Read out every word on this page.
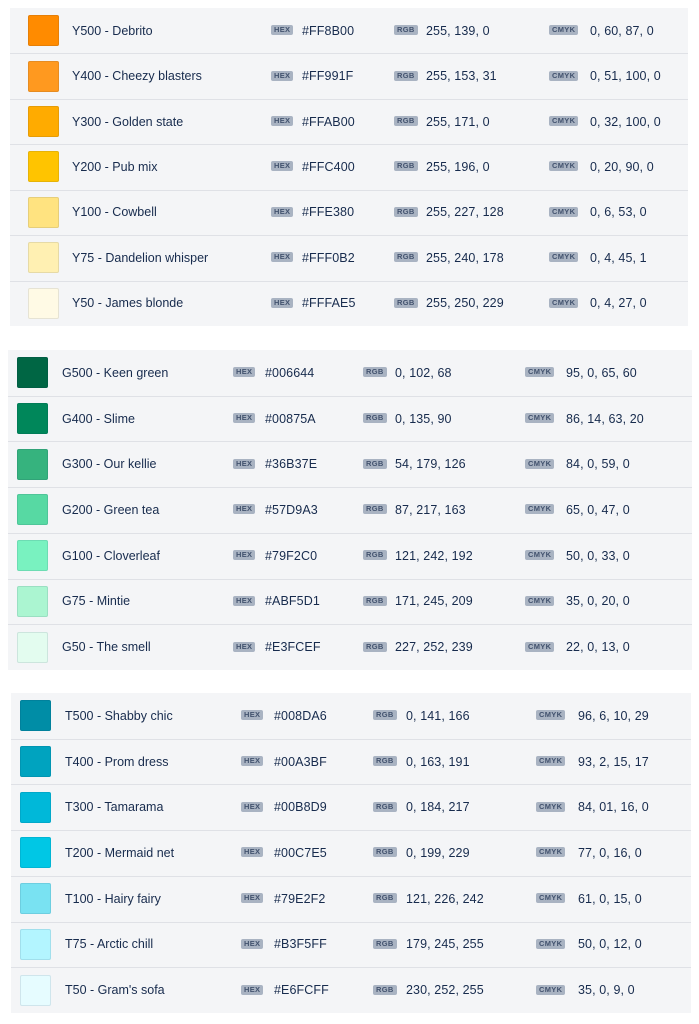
Y500 - Debrito	HEX #FF8B00	RGB 255, 139, 0	CMYK 0, 60, 87, 0
Y400 - Cheezy blasters	HEX #FF991F	RGB 255, 153, 31	CMYK 0, 51, 100, 0
Y300 - Golden state	HEX #FFAB00	RGB 255, 171, 0	CMYK 0, 32, 100, 0
Y200 - Pub mix	HEX #FFC400	RGB 255, 196, 0	CMYK 0, 20, 90, 0
Y100 - Cowbell	HEX #FFE380	RGB 255, 227, 128	CMYK 0, 6, 53, 0
Y75 - Dandelion whisper	HEX #FFF0B2	RGB 255, 240, 178	CMYK 0, 4, 45, 1
Y50 - James blonde	HEX #FFFAE5	RGB 255, 250, 229	CMYK 0, 4, 27, 0
G500 - Keen green	HEX #006644	RGB 0, 102, 68	CMYK 95, 0, 65, 60
G400 - Slime	HEX #00875A	RGB 0, 135, 90	CMYK 86, 14, 63, 20
G300 - Our kellie	HEX #36B37E	RGB 54, 179, 126	CMYK 84, 0, 59, 0
G200 - Green tea	HEX #57D9A3	RGB 87, 217, 163	CMYK 65, 0, 47, 0
G100 - Cloverleaf	HEX #79F2C0	RGB 121, 242, 192	CMYK 50, 0, 33, 0
G75 - Mintie	HEX #ABF5D1	RGB 171, 245, 209	CMYK 35, 0, 20, 0
G50 - The smell	HEX #E3FCEF	RGB 227, 252, 239	CMYK 22, 0, 13, 0
T500 - Shabby chic	HEX #008DA6	RGB 0, 141, 166	CMYK 96, 6, 10, 29
T400 - Prom dress	HEX #00A3BF	RGB 0, 163, 191	CMYK 93, 2, 15, 17
T300 - Tamarama	HEX #00B8D9	RGB 0, 184, 217	CMYK 84, 01, 16, 0
T200 - Mermaid net	HEX #00C7E5	RGB 0, 199, 229	CMYK 77, 0, 16, 0
T100 - Hairy fairy	HEX #79E2F2	RGB 121, 226, 242	CMYK 61, 0, 15, 0
T75 - Arctic chill	HEX #B3F5FF	RGB 179, 245, 255	CMYK 50, 0, 12, 0
T50 - Gram's sofa	HEX #E6FCFF	RGB 230, 252, 255	CMYK 35, 0, 9, 0
